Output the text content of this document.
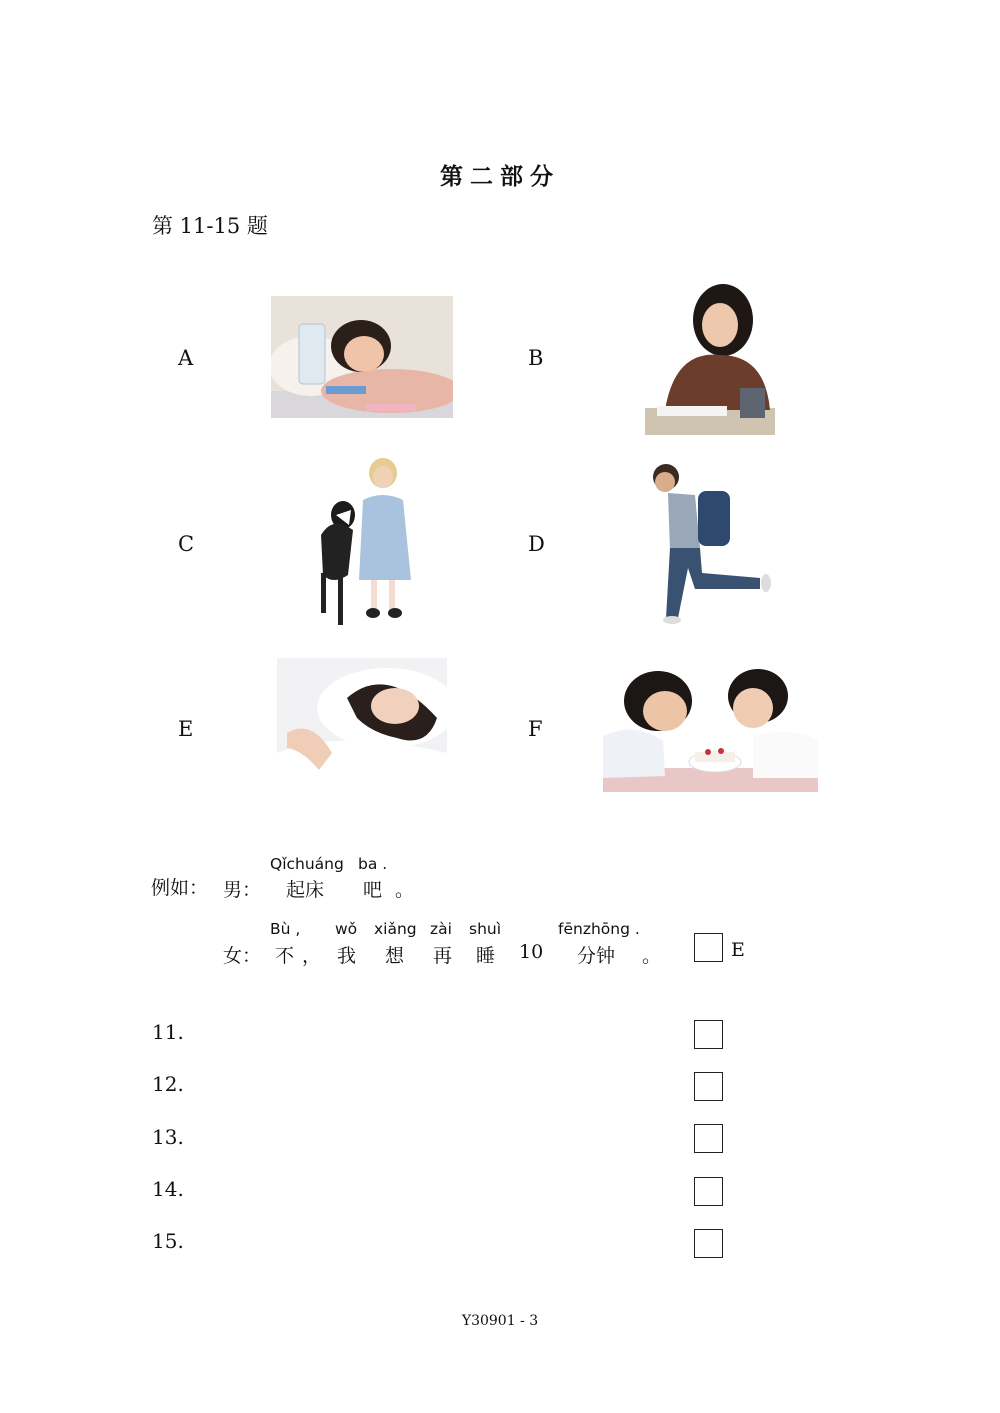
第二部分
第 11-15 题
A	B
C	D
E	F
例如： 男：
Qǐchuáng
起床
ba .
吧 。
女：
Bù ,
不 ，
wǒ
我
xiǎng
想
zài
再
shuì
睡 10
fēnzhōng .
分钟 。	E
11.
12.
13.
14.
15.
Y30901 - 3
